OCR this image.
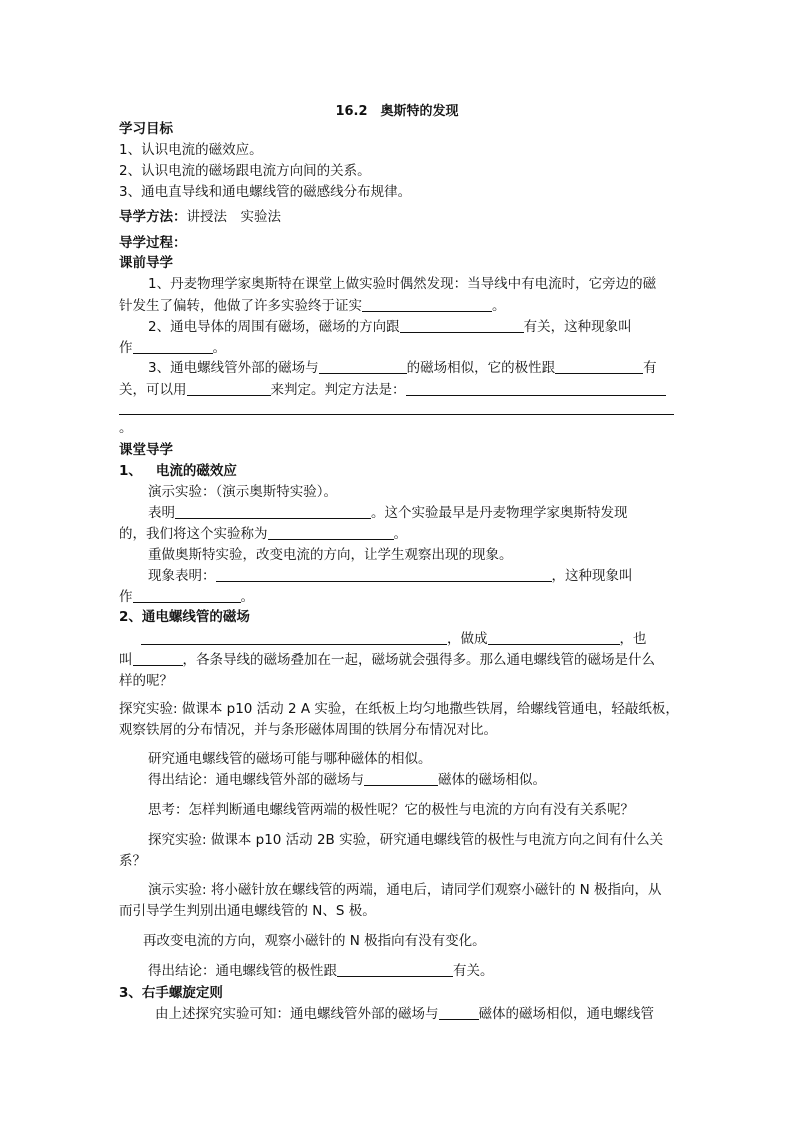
16.2　奥斯特的发现
学习目标
1、认识电流的磁效应。
2、认识电流的磁场跟电流方向间的关系。
3、通电直导线和通电螺线管的磁感线分布规律。
导学方法：讲授法　实验法
导学过程：
课前导学
1、丹麦物理学家奥斯特在课堂上做实验时偶然发现：当导线中有电流时，它旁边的磁
针发生了偏转，他做了许多实验终于证实	。
2、通电导体的周围有磁场，磁场的方向跟	有关，这种现象叫
作	。
3、通电螺线管外部的磁场与	的磁场相似，它的极性跟	有
关，可以用	来判定。判定方法是：
。
课堂导学
1、 电流的磁效应
演示实验：（演示奥斯特实验）。
表明	。这个实验最早是丹麦物理学家奥斯特发现
的，我们将这个实验称为	。
重做奥斯特实验，改变电流的方向，让学生观察出现的现象。
现象表明：	，这种现象叫
作	。
2、通电螺线管的磁场
，做成	，也
叫	，各条导线的磁场叠加在一起，磁场就会强得多。那么通电螺线管的磁场是什么
样的呢？
探究实验: 做课本 p10 活动 2 A 实验，在纸板上均匀地撒些铁屑，给螺线管通电，轻敲纸板，
观察铁屑的分布情况，并与条形磁体周围的铁屑分布情况对比。
研究通电螺线管的磁场可能与哪种磁体的相似。
得出结论：通电螺线管外部的磁场与	磁体的磁场相似。
思考：怎样判断通电螺线管两端的极性呢？它的极性与电流的方向有没有关系呢？
探究实验: 做课本 p10 活动 2B 实验，研究通电螺线管的极性与电流方向之间有什么关
系？
演示实验: 将小磁针放在螺线管的两端，通电后，请同学们观察小磁针的 N 极指向，从
而引导学生判别出通电螺线管的 N、S 极。
再改变电流的方向，观察小磁针的 N 极指向有没有变化。
得出结论：通电螺线管的极性跟	有关。
3、右手螺旋定则
由上述探究实验可知：通电螺线管外部的磁场与	磁体的磁场相似，通电螺线管
